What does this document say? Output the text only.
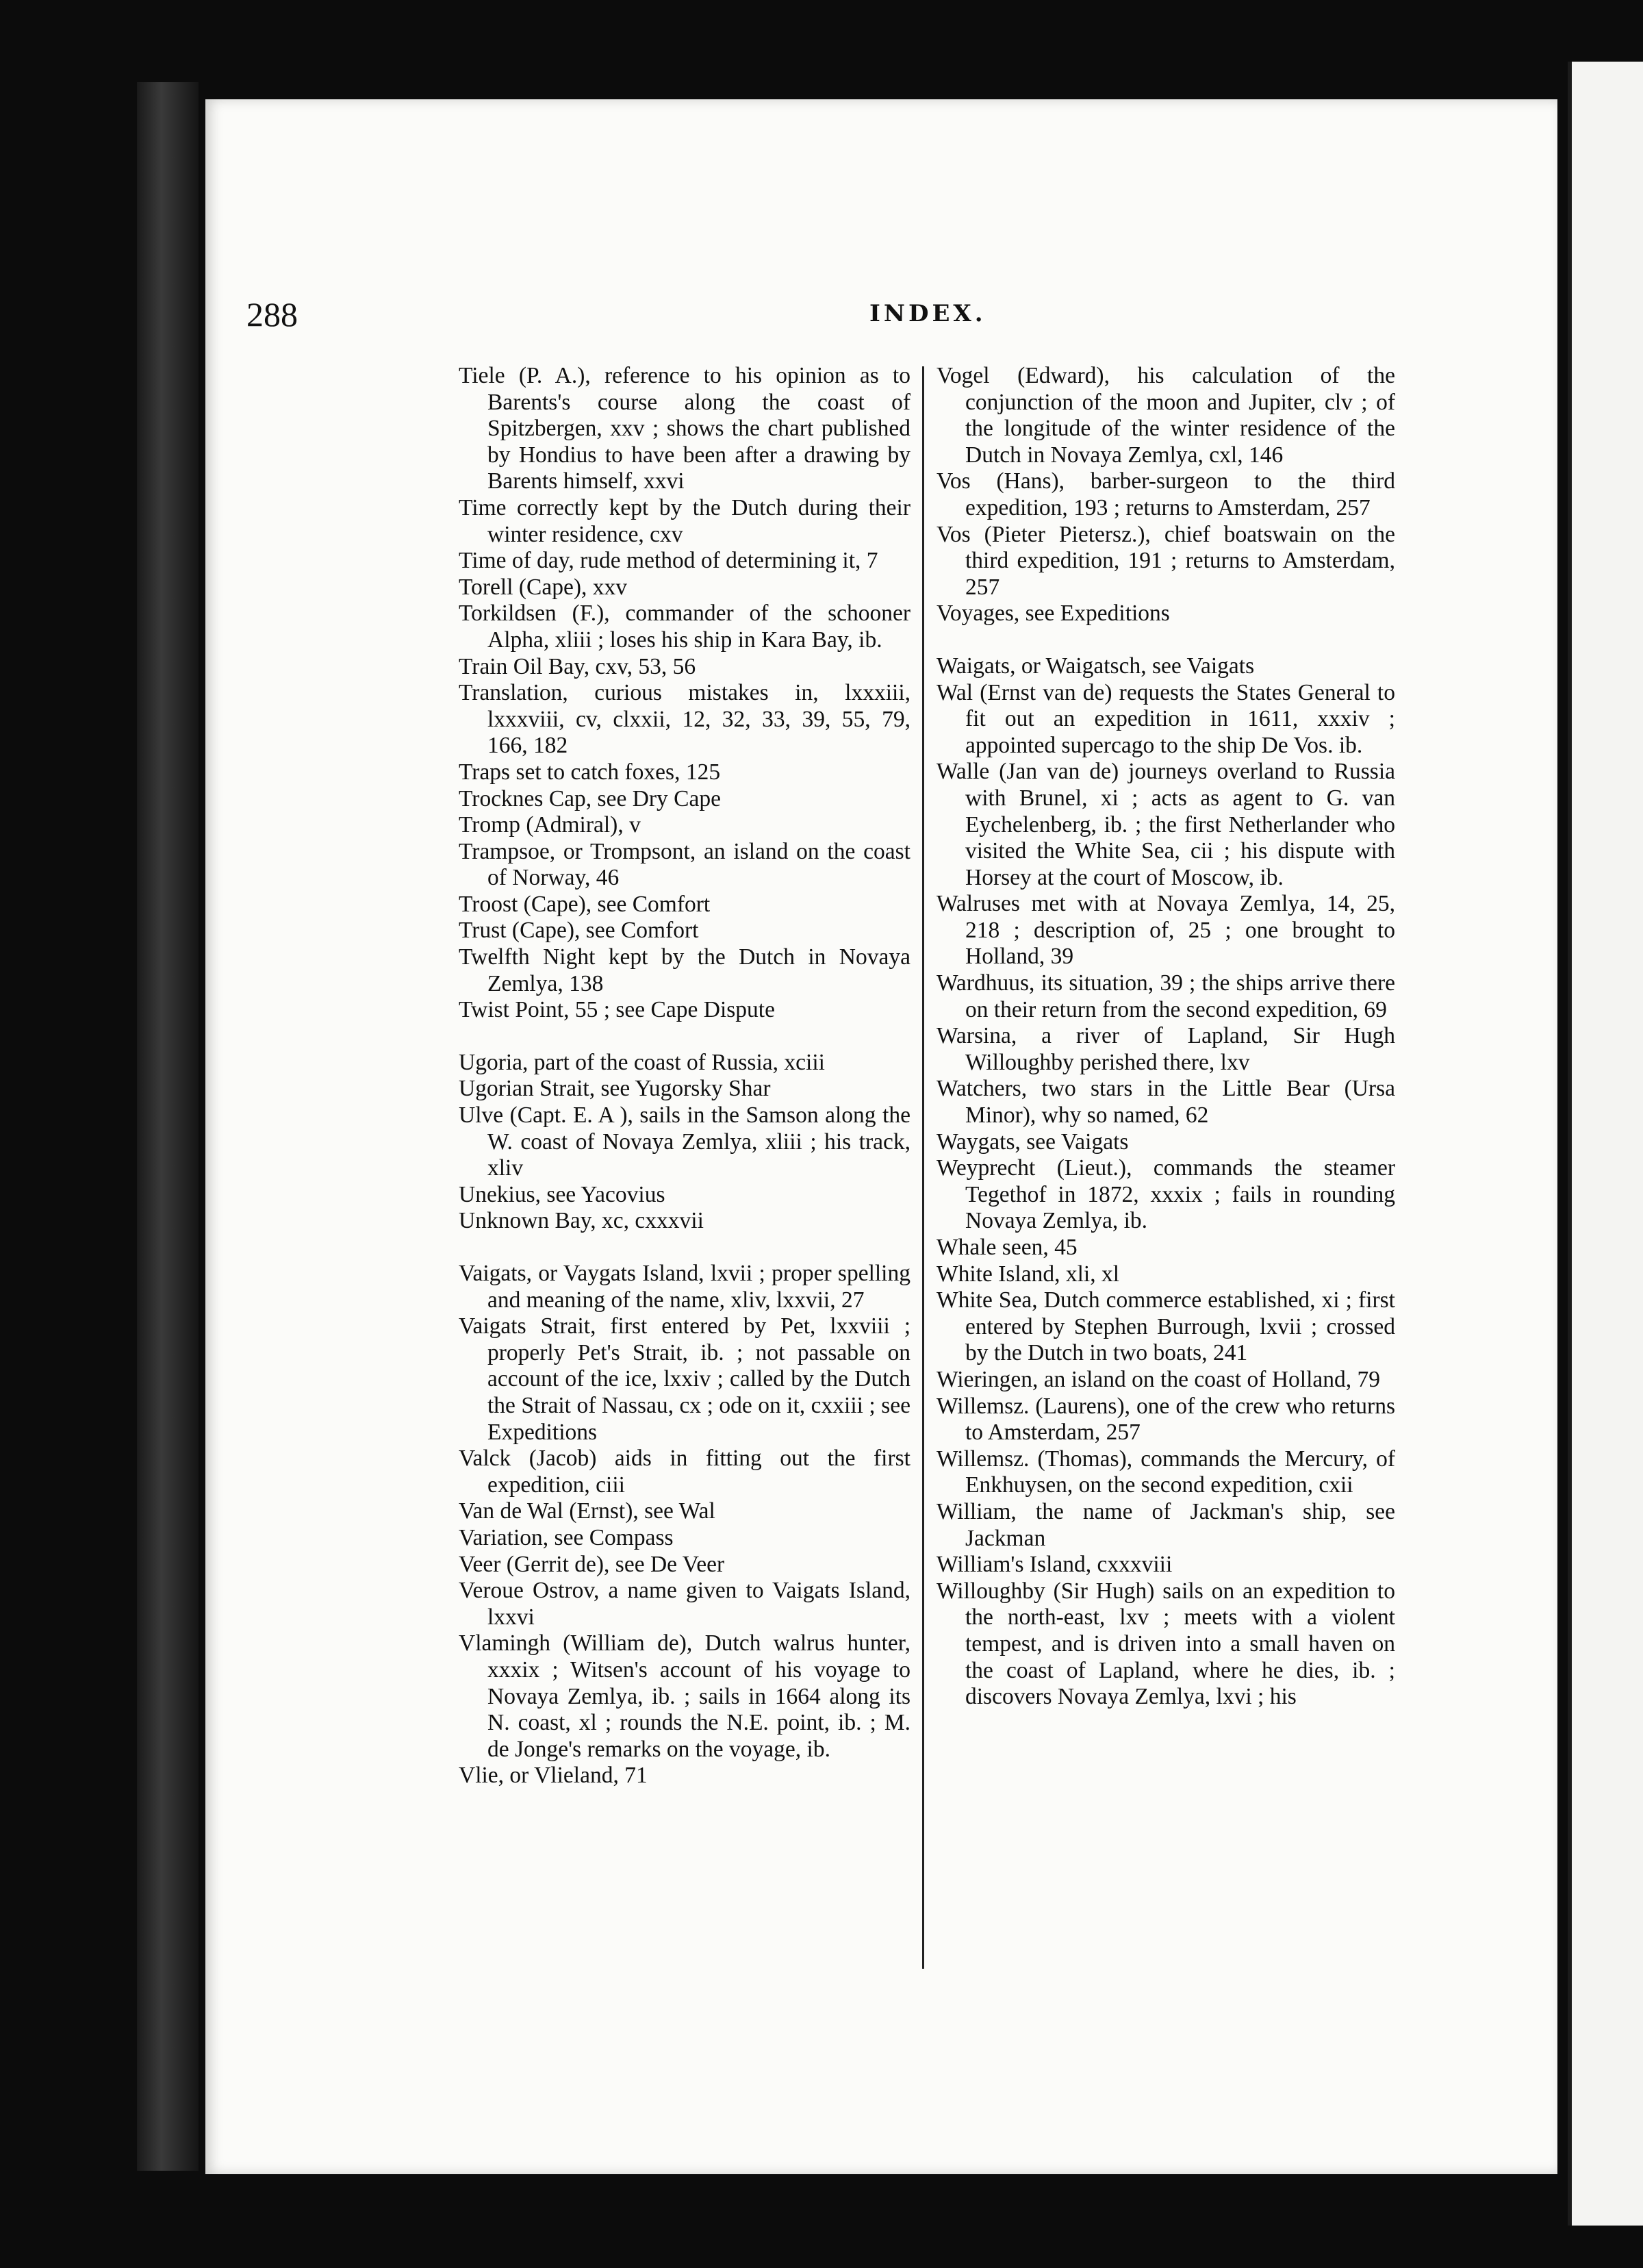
288	INDEX.

Tiele (P. A.), reference to his opinion as to Barents's course along the coast of Spitzbergen, xxv ; shows the chart published by Hondius to have been after a drawing by Barents himself, xxvi

Time correctly kept by the Dutch during their winter residence, cxv

Time of day, rude method of determining it, 7

Torell (Cape), xxv

Torkildsen (F.), commander of the schooner Alpha, xliii ; loses his ship in Kara Bay, ib.

Train Oil Bay, cxv, 53, 56

Translation, curious mistakes in, lxxxiii, lxxxviii, cv, clxxii, 12, 32, 33, 39, 55, 79, 166, 182

Traps set to catch foxes, 125

Trocknes Cap, see Dry Cape

Tromp (Admiral), v

Trampsoe, or Trompsont, an island on the coast of Norway, 46

Troost (Cape), see Comfort

Trust (Cape), see Comfort

Twelfth Night kept by the Dutch in Novaya Zemlya, 138

Twist Point, 55 ; see Cape Dispute

Ugoria, part of the coast of Russia, xciii

Ugorian Strait, see Yugorsky Shar

Ulve (Capt. E. A ), sails in the Samson along the W. coast of Novaya Zemlya, xliii ; his track, xliv

Unekius, see Yacovius

Unknown Bay, xc, cxxxvii

Vaigats, or Vaygats Island, lxvii ; proper spelling and meaning of the name, xliv, lxxvii, 27

Vaigats Strait, first entered by Pet, lxxviii ; properly Pet's Strait, ib. ; not passable on account of the ice, lxxiv ; called by the Dutch the Strait of Nassau, cx ; ode on it, cxxiii ; see Expeditions

Valck (Jacob) aids in fitting out the first expedition, ciii

Van de Wal (Ernst), see Wal

Variation, see Compass

Veer (Gerrit de), see De Veer

Veroue Ostrov, a name given to Vaigats Island, lxxvi

Vlamingh (William de), Dutch walrus hunter, xxxix ; Witsen's account of his voyage to Novaya Zemlya, ib. ; sails in 1664 along its N. coast, xl ; rounds the N.E. point, ib. ; M. de Jonge's remarks on the voyage, ib.

Vlie, or Vlieland, 71

Vogel (Edward), his calculation of the conjunction of the moon and Jupiter, clv ; of the longitude of the winter residence of the Dutch in Novaya Zemlya, cxl, 146

Vos (Hans), barber-surgeon to the third expedition, 193 ; returns to Amsterdam, 257

Vos (Pieter Pietersz.), chief boatswain on the third expedition, 191 ; returns to Amsterdam, 257

Voyages, see Expeditions

Waigats, or Waigatsch, see Vaigats

Wal (Ernst van de) requests the States General to fit out an expedition in 1611, xxxiv ; appointed supercago to the ship De Vos. ib.

Walle (Jan van de) journeys overland to Russia with Brunel, xi ; acts as agent to G. van Eychelenberg, ib. ; the first Netherlander who visited the White Sea, cii ; his dispute with Horsey at the court of Moscow, ib.

Walruses met with at Novaya Zemlya, 14, 25, 218 ; description of, 25 ; one brought to Holland, 39

Wardhuus, its situation, 39 ; the ships arrive there on their return from the second expedition, 69

Warsina, a river of Lapland, Sir Hugh Willoughby perished there, lxv

Watchers, two stars in the Little Bear (Ursa Minor), why so named, 62

Waygats, see Vaigats

Weyprecht (Lieut.), commands the steamer Tegethof in 1872, xxxix ; fails in rounding Novaya Zemlya, ib.

Whale seen, 45

White Island, xli, xl

White Sea, Dutch commerce established, xi ; first entered by Stephen Burrough, lxvii ; crossed by the Dutch in two boats, 241

Wieringen, an island on the coast of Holland, 79

Willemsz. (Laurens), one of the crew who returns to Amsterdam, 257

Willemsz. (Thomas), commands the Mercury, of Enkhuysen, on the second expedition, cxii

William, the name of Jackman's ship, see Jackman

William's Island, cxxxviii

Willoughby (Sir Hugh) sails on an expedition to the north-east, lxv ; meets with a violent tempest, and is driven into a small haven on the coast of Lapland, where he dies, ib. ; discovers Novaya Zemlya, lxvi ; his
